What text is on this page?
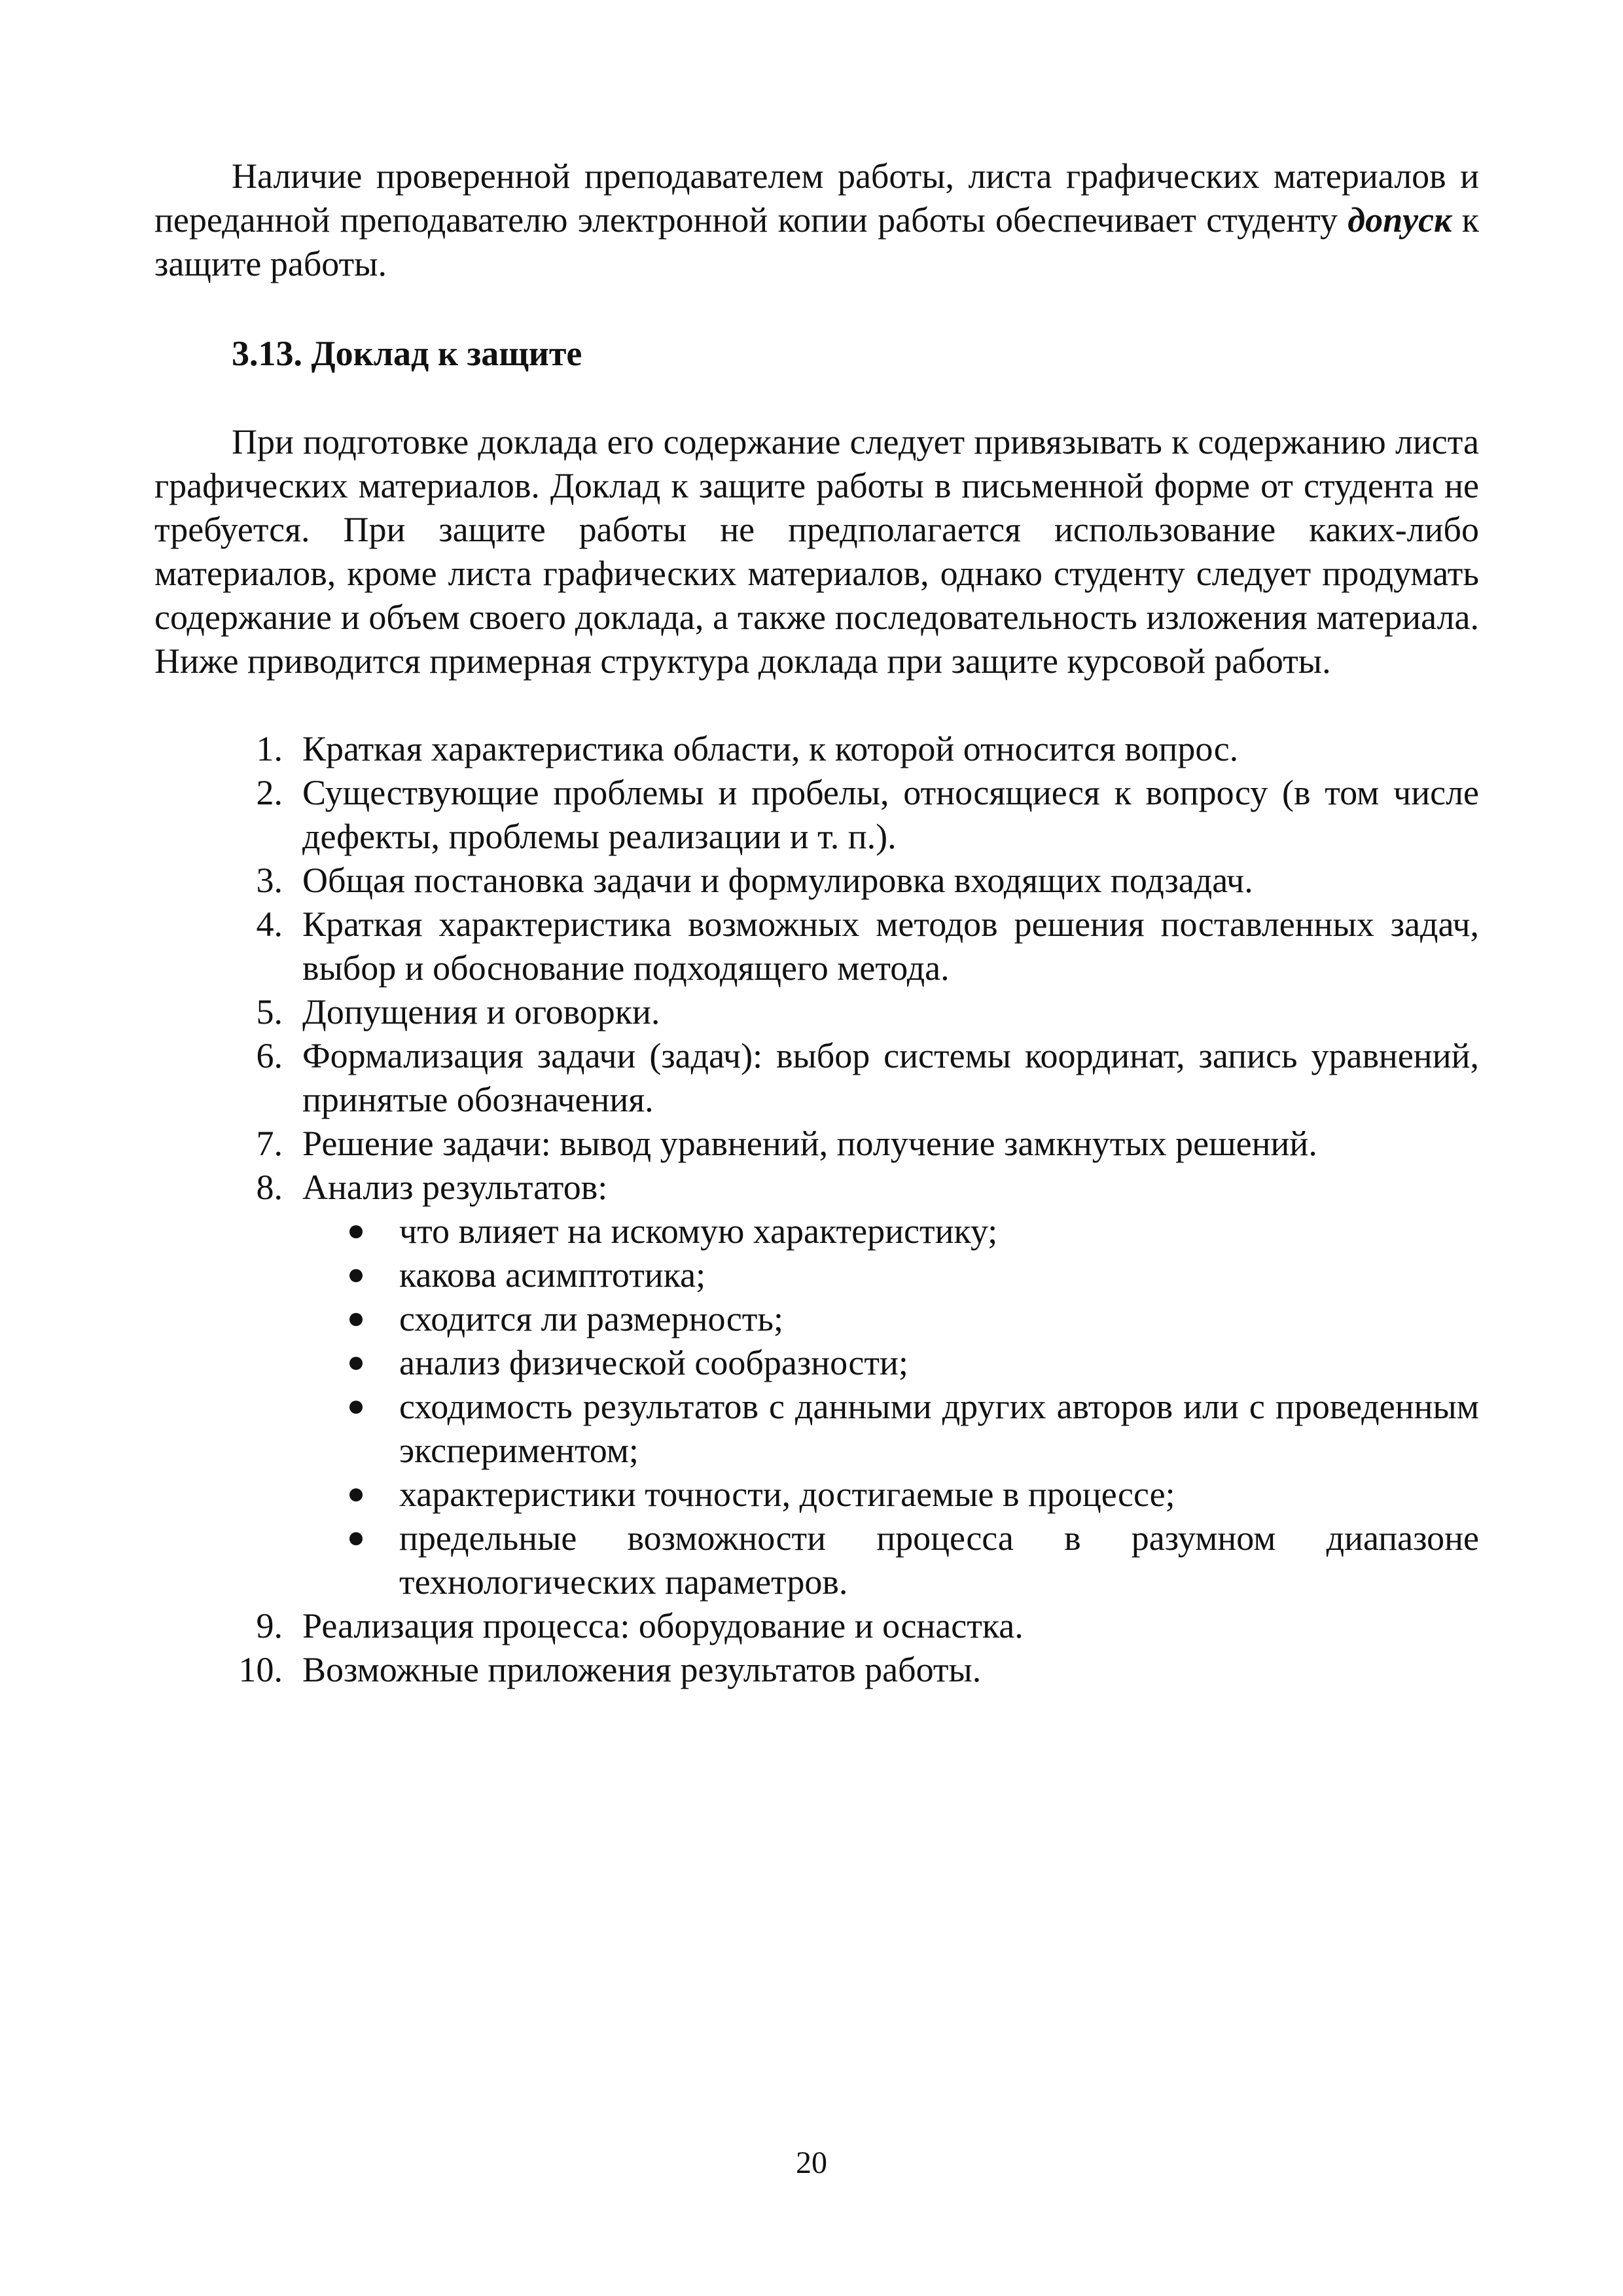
Наличие проверенной преподавателем работы, листа графических материалов и переданной преподавателю электронной копии работы обеспечивает студенту допуск к защите работы.

3.13. Доклад к защите

При подготовке доклада его содержание следует привязывать к содержанию листа графических материалов. Доклад к защите работы в письменной форме от студента не требуется. При защите работы не предполагается использование каких-либо материалов, кроме листа графических материалов, однако студенту следует продумать содержание и объем своего доклада, а также последовательность изложения материала. Ниже приводится примерная структура доклада при защите курсовой работы.

1. Краткая характеристика области, к которой относится вопрос.
2. Существующие проблемы и пробелы, относящиеся к вопросу (в том числе дефекты, проблемы реализации и т. п.).
3. Общая постановка задачи и формулировка входящих подзадач.
4. Краткая характеристика возможных методов решения поставленных задач, выбор и обоснование подходящего метода.
5. Допущения и оговорки.
6. Формализация задачи (задач): выбор системы координат, запись уравнений, принятые обозначения.
7. Решение задачи: вывод уравнений, получение замкнутых решений.
8. Анализ результатов:
что влияет на искомую характеристику;
какова асимптотика;
сходится ли размерность;
анализ физической сообразности;
сходимость результатов с данными других авторов или с проведенным экспериментом;
характеристики точности, достигаемые в процессе;
предельные возможности процесса в разумном диапазоне технологических параметров.
9. Реализация процесса: оборудование и оснастка.
10. Возможные приложения результатов работы.
20
